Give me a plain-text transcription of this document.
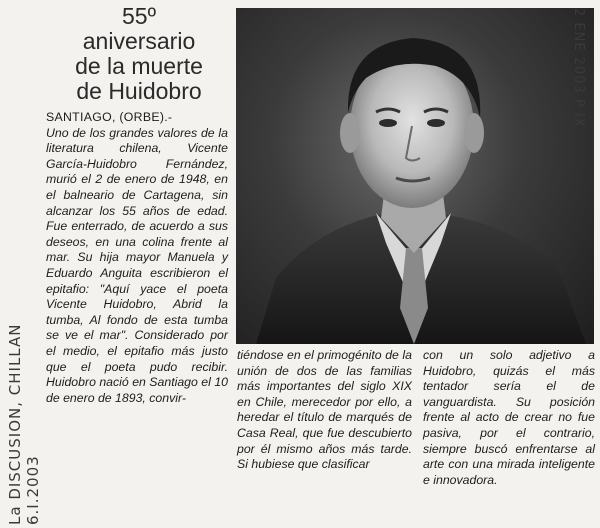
55º
aniversario
de la muerte
de Huidobro

SANTIAGO, (ORBE).-

Uno de los grandes valores de la literatura chilena, Vicente García-Huidobro Fernández, murió el 2 de enero de 1948, en el balneario de Cartagena, sin alcanzar los 55 años de edad. Fue enterrado, de acuerdo a sus deseos, en una colina frente al mar. Su hija mayor Manuela y Eduardo Anguita escribieron el epitafio: "Aquí yace el poeta Vicente Huidobro, Abrid la tumba, Al fondo de esta tumba se ve el mar". Considerado por el medio, el epitafio más justo que el poeta pudo recibir. Huidobro nació en Santiago el 10 de enero de 1893, convir-

tiéndose en el primogénito de la unión de dos de las familias más importantes del siglo XIX en Chile, merecedor por ello, a heredar el título de marqués de Casa Real, que fue descubierto por él mismo años más tarde. Si hubiese que clasificar

con un solo adjetivo a Huidobro, quizás el más tentador sería el de vanguardista. Su posición frente al acto de crear no fue pasiva, por el contrario, siempre buscó enfrentarse al arte con una mirada inteligente e innovadora.

2 ENE 2003 P IX
La DISCUSION, CHILLAN 6.I.2003
